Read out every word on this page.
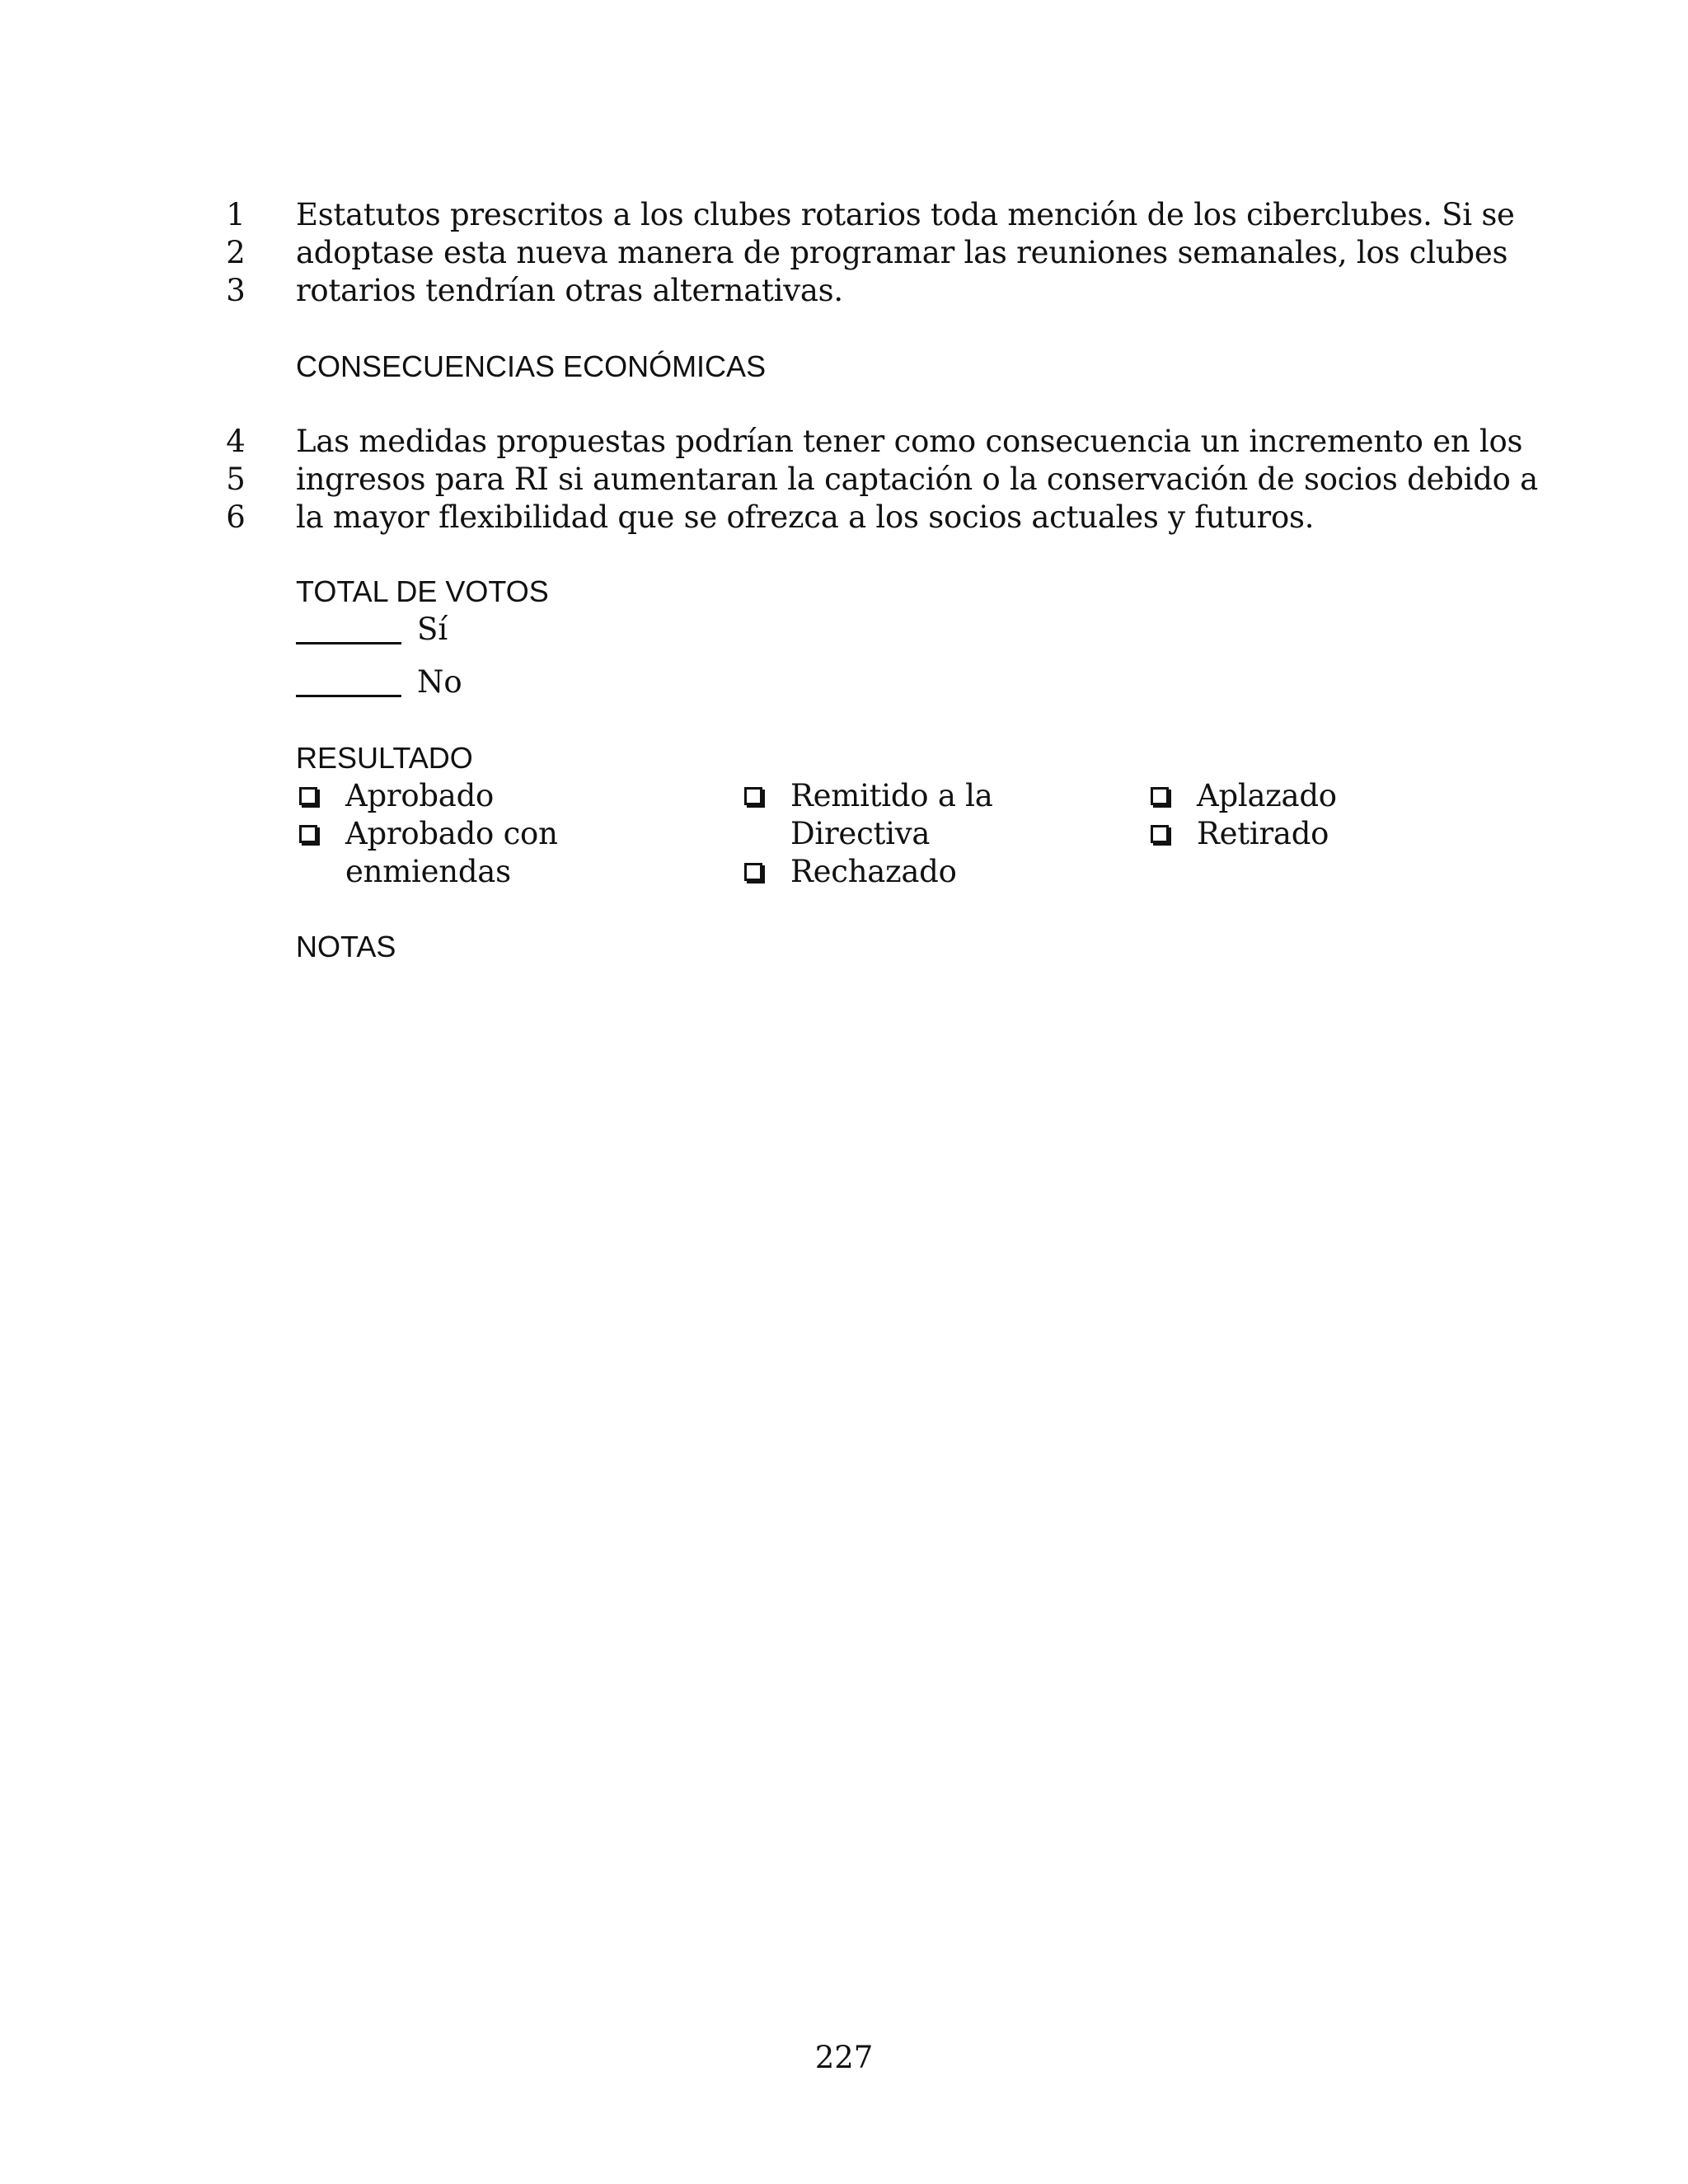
1 Estatutos prescritos a los clubes rotarios toda mención de los ciberclubes. Si se
2 adoptase esta nueva manera de programar las reuniones semanales, los clubes
3 rotarios tendrían otras alternativas.
CONSECUENCIAS ECONÓMICAS
4 Las medidas propuestas podrían tener como consecuencia un incremento en los
5 ingresos para RI si aumentaran la captación o la conservación de socios debido a
6 la mayor flexibilidad que se ofrezca a los socios actuales y futuros.
TOTAL DE VOTOS
Sí
No
RESULTADO
Aprobado
Aprobado con
enmiendas
Remitido a la
Directiva
Rechazado
Aplazado
Retirado
NOTAS
227
